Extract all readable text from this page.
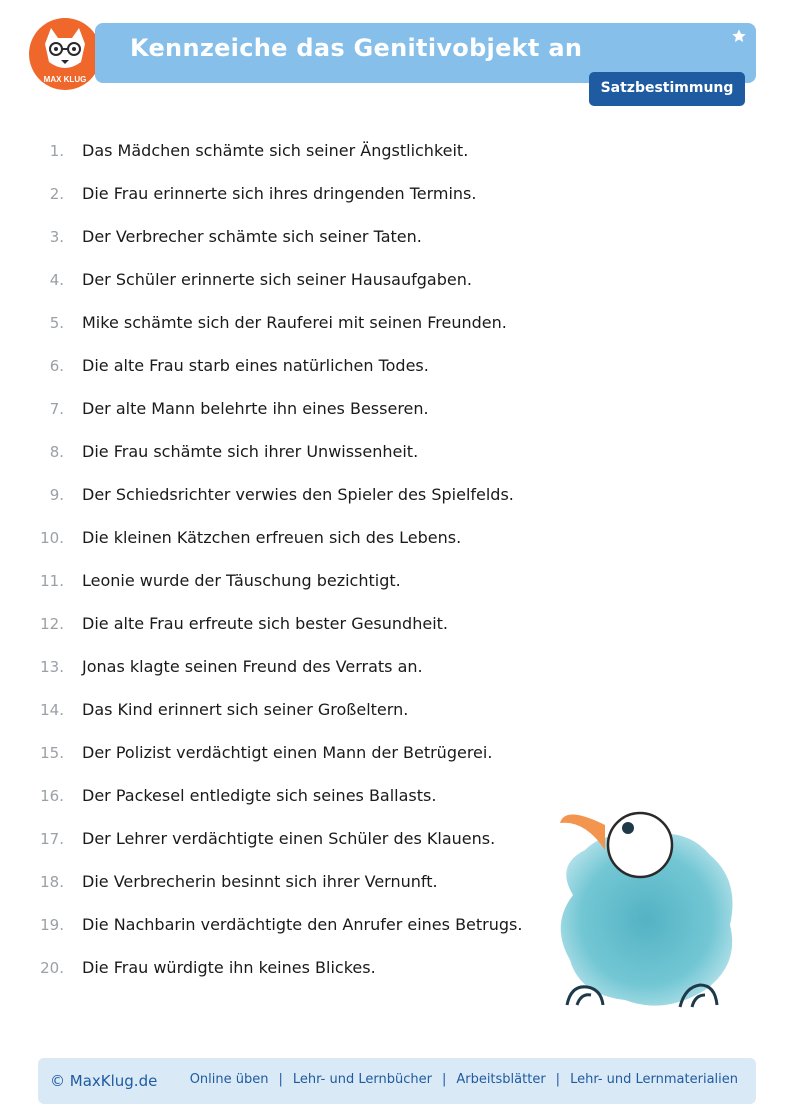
MAX KLUG
Kennzeiche das Genitivobjekt an
Satzbestimmung
1. Das Mädchen schämte sich seiner Ängstlichkeit.
2. Die Frau erinnerte sich ihres dringenden Termins.
3. Der Verbrecher schämte sich seiner Taten.
4. Der Schüler erinnerte sich seiner Hausaufgaben.
5. Mike schämte sich der Rauferei mit seinen Freunden.
6. Die alte Frau starb eines natürlichen Todes.
7. Der alte Mann belehrte ihn eines Besseren.
8. Die Frau schämte sich ihrer Unwissenheit.
9. Der Schiedsrichter verwies den Spieler des Spielfelds.
10. Die kleinen Kätzchen erfreuen sich des Lebens.
11. Leonie wurde der Täuschung bezichtigt.
12. Die alte Frau erfreute sich bester Gesundheit.
13. Jonas klagte seinen Freund des Verrats an.
14. Das Kind erinnert sich seiner Großeltern.
15. Der Polizist verdächtigt einen Mann der Betrügerei.
16. Der Packesel entledigte sich seines Ballasts.
17. Der Lehrer verdächtigte einen Schüler des Klauens.
18. Die Verbrecherin besinnt sich ihrer Vernunft.
19. Die Nachbarin verdächtigte den Anrufer eines Betrugs.
20. Die Frau würdigte ihn keines Blickes.
© MaxKlug.de Online üben | Lehr- und Lernbücher | Arbeitsblätter | Lehr- und Lernmaterialien
